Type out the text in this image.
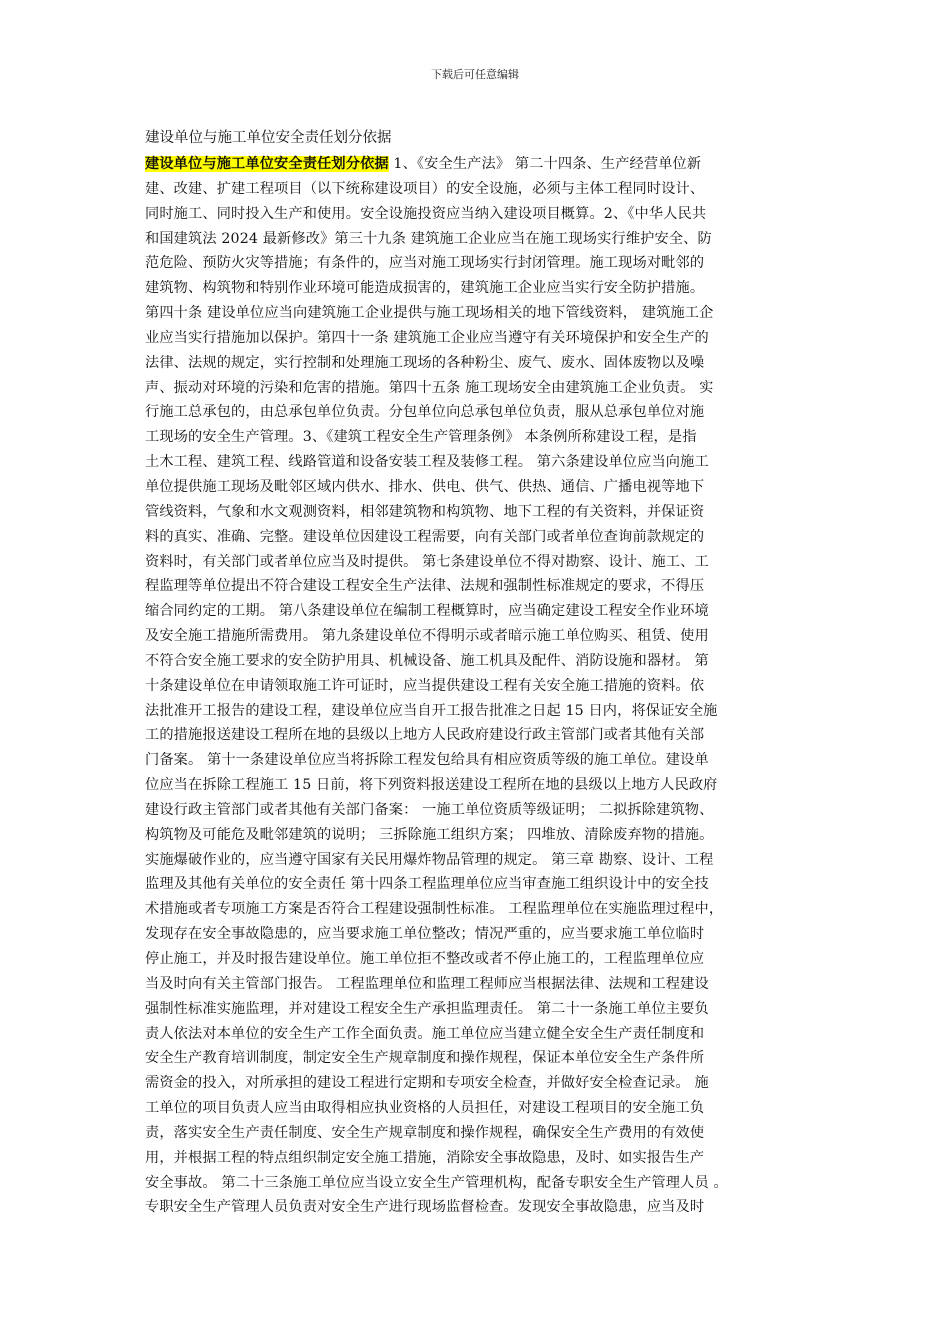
下载后可任意编辑
建设单位与施工单位安全责任划分依据
建设单位与施工单位安全责任划分依据 1、《安全生产法》 第二十四条、生产经营单位新
建、改建、扩建工程项目（以下统称建设项目）的安全设施，必须与主体工程同时设计、
同时施工、同时投入生产和使用。安全设施投资应当纳入建设项目概算。2、《中华人民共
和国建筑法 2024 最新修改》第三十九条 建筑施工企业应当在施工现场实行维护安全、防
范危险、预防火灾等措施；有条件的，应当对施工现场实行封闭管理。施工现场对毗邻的
建筑物、构筑物和特别作业环境可能造成损害的，建筑施工企业应当实行安全防护措施。
第四十条 建设单位应当向建筑施工企业提供与施工现场相关的地下管线资料， 建筑施工企
业应当实行措施加以保护。第四十一条 建筑施工企业应当遵守有关环境保护和安全生产的
法律、法规的规定，实行控制和处理施工现场的各种粉尘、废气、废水、固体废物以及噪
声、振动对环境的污染和危害的措施。第四十五条 施工现场安全由建筑施工企业负责。 实
行施工总承包的，由总承包单位负责。分包单位向总承包单位负责，服从总承包单位对施
工现场的安全生产管理。3、《建筑工程安全生产管理条例》 本条例所称建设工程，是指
土木工程、建筑工程、线路管道和设备安装工程及装修工程。 第六条建设单位应当向施工
单位提供施工现场及毗邻区域内供水、排水、供电、供气、供热、通信、广播电视等地下
管线资料，气象和水文观测资料，相邻建筑物和构筑物、地下工程的有关资料，并保证资
料的真实、准确、完整。建设单位因建设工程需要，向有关部门或者单位查询前款规定的
资料时，有关部门或者单位应当及时提供。 第七条建设单位不得对勘察、设计、施工、工
程监理等单位提出不符合建设工程安全生产法律、法规和强制性标准规定的要求，不得压
缩合同约定的工期。 第八条建设单位在编制工程概算时，应当确定建设工程安全作业环境
及安全施工措施所需费用。 第九条建设单位不得明示或者暗示施工单位购买、租赁、使用
不符合安全施工要求的安全防护用具、机械设备、施工机具及配件、消防设施和器材。 第
十条建设单位在申请领取施工许可证时，应当提供建设工程有关安全施工措施的资料。依
法批准开工报告的建设工程，建设单位应当自开工报告批准之日起 15 日内，将保证安全施
工的措施报送建设工程所在地的县级以上地方人民政府建设行政主管部门或者其他有关部
门备案。 第十一条建设单位应当将拆除工程发包给具有相应资质等级的施工单位。建设单
位应当在拆除工程施工 15 日前，将下列资料报送建设工程所在地的县级以上地方人民政府
建设行政主管部门或者其他有关部门备案： 一施工单位资质等级证明； 二拟拆除建筑物、
构筑物及可能危及毗邻建筑的说明； 三拆除施工组织方案； 四堆放、清除废弃物的措施。
实施爆破作业的，应当遵守国家有关民用爆炸物品管理的规定。 第三章 勘察、设计、工程
监理及其他有关单位的安全责任 第十四条工程监理单位应当审查施工组织设计中的安全技
术措施或者专项施工方案是否符合工程建设强制性标准。 工程监理单位在实施监理过程中，
发现存在安全事故隐患的，应当要求施工单位整改；情况严重的，应当要求施工单位临时
停止施工，并及时报告建设单位。施工单位拒不整改或者不停止施工的，工程监理单位应
当及时向有关主管部门报告。 工程监理单位和监理工程师应当根据法律、法规和工程建设
强制性标准实施监理，并对建设工程安全生产承担监理责任。 第二十一条施工单位主要负
责人依法对本单位的安全生产工作全面负责。施工单位应当建立健全安全生产责任制度和
安全生产教育培训制度，制定安全生产规章制度和操作规程，保证本单位安全生产条件所
需资金的投入，对所承担的建设工程进行定期和专项安全检查，并做好安全检查记录。 施
工单位的项目负责人应当由取得相应执业资格的人员担任，对建设工程项目的安全施工负
责，落实安全生产责任制度、安全生产规章制度和操作规程，确保安全生产费用的有效使
用，并根据工程的特点组织制定安全施工措施，消除安全事故隐患，及时、如实报告生产
安全事故。 第二十三条施工单位应当设立安全生产管理机构，配备专职安全生产管理人员 。
专职安全生产管理人员负责对安全生产进行现场监督检查。发现安全事故隐患，应当及时
